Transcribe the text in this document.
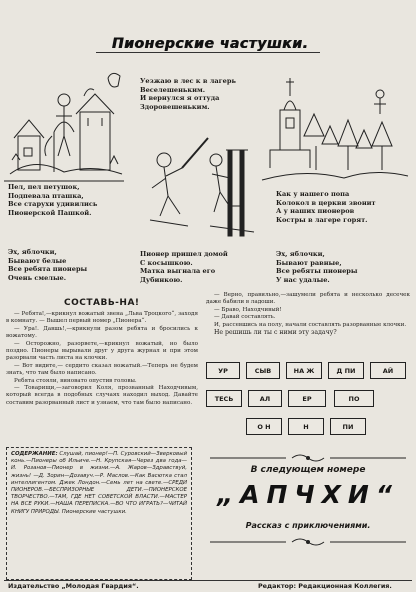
Пионерские частушки.
Уезжаю в лес к в лагерь
Веселешеньким.
И вернулся я оттуда
Здоровешеньким.
Пел, пел петушок,
Подпевала пташка,
Все старухи удивились
Пионерской Пашкой.
Как у нашего попа
Колокол в церкви звонит
А у наших пионеров
Костры в лагере горят.
Эх, яблочки,
Бывают белые
Все ребята пионеры
Очень смелые.
Пионер пришел домой
С косышкою.
Матка выгнала его
Дубинкою.
Эх, яблочки,
Бывают равные,
Все ребяты пионеры
У нас удалые.
СОСТАВЬ-НА!

— Ребята!,—крикнул вожатый звена „Льва Троцкого“, заходя в комнату. — Вышел первый номер „Пионера“.

— Ура!. Давшь!,—крикнули разом ребята и бросились к вожатому.

— Осторожно, разорвете,—крикнул вожатый, но было поздно. Пионеры вырывали друг у друга журнал и при этом разорвали часть листа на клочки.

— Вот видите,— сердито сказал вожатый.—Теперь не будем знать, что там было написано.

Ребята стояли, виновато опустив головы.

— Товарищи,—заговорил Коля, прозванный Находчивым, который всегда в подобных случаях находил выход. Давайте составим разорванный лист и узнаем, что там было написано.

— Верно, правильно,—зашумели ребята и несколько десечек даже бабили в ладоши.

— Браво, Находчивый!

— Давай составлять.

И, рассевшись на полу, начали составлять разорванные клочки.

Не решишь ли ты с ними эту задачу?

УР	СЫВ	НА Ж	Д ПИ	АЙ
ТЕСЬ	АЛ	ЕР	ПО
О Н	Н	ПИ
СОДЕРЖАНИЕ: Слушай, пионер!—П. Суровский—Зверковый конь.—Пионеры об Ильиче.—Н. Крупская—Через два года—И. Розанов—Пионер в жизни.—А. Жаров—Здравствуй, жизнь! —Д. Зорин—Дозавуч.—Р. Маслов.—Как Васютка стал интеллигентом. Джек Лондон.—Семь лет на свете.—СРЕДИ ПИОНЕРОВ.—БЕСПРИЗОРНЫЕ ДЕТИ.—ПИОНЕРСКОЕ ТВОРЧЕСТВО.—ТАМ, ГДЕ НЕТ СОВЕТСКОЙ ВЛАСТИ.—МАСТЕР НА ВСЕ РУКИ.—НАША ПЕРЕПИСКА.—ВО ЧТО ИГРАТЬ?—ЧИТАЙ КНИГУ ПРИРОДЫ. Пионерские частушки.
В следующем номере
„АПЧХИ“
Рассказ с приключениями.
Издательство „Молодая Гвардия“.	Редактор: Редакционная Коллегия.
